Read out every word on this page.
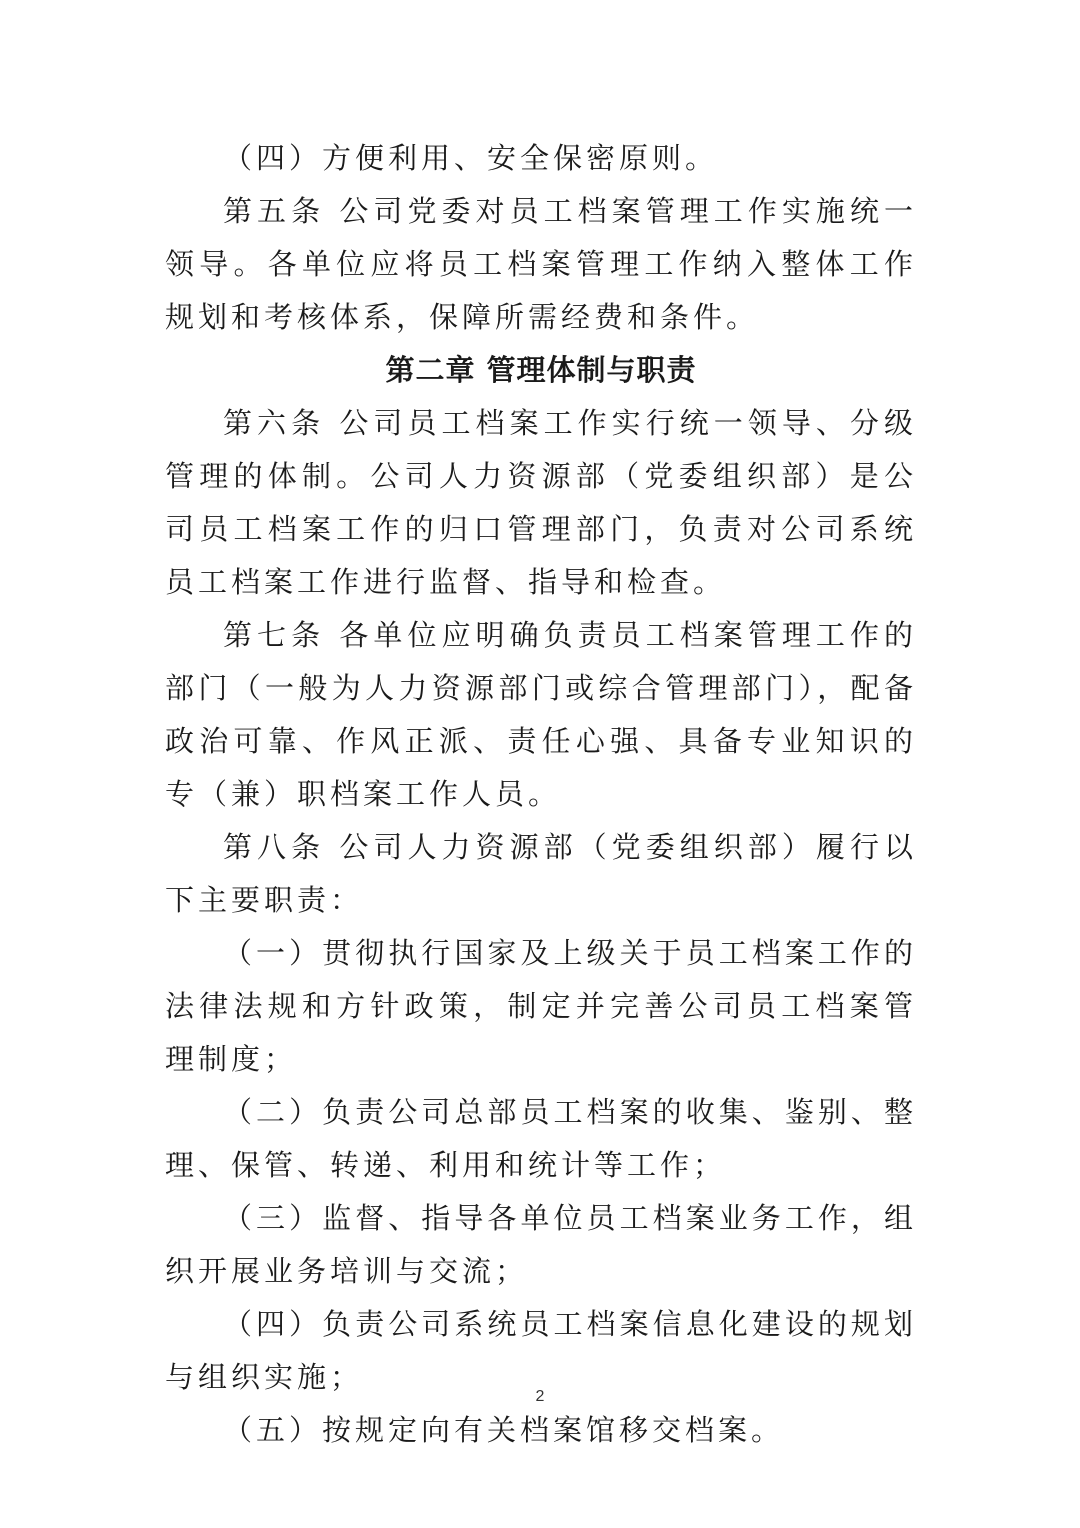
（四）方便利用、安全保密原则。

第五条 公司党委对员工档案管理工作实施统一领导。各单位应将员工档案管理工作纳入整体工作规划和考核体系，保障所需经费和条件。

第二章 管理体制与职责

第六条 公司员工档案工作实行统一领导、分级管理的体制。公司人力资源部（党委组织部）是公司员工档案工作的归口管理部门，负责对公司系统员工档案工作进行监督、指导和检查。

第七条 各单位应明确负责员工档案管理工作的部门（一般为人力资源部门或综合管理部门），配备政治可靠、作风正派、责任心强、具备专业知识的专（兼）职档案工作人员。

第八条 公司人力资源部（党委组织部）履行以下主要职责：

（一）贯彻执行国家及上级关于员工档案工作的法律法规和方针政策，制定并完善公司员工档案管理制度；

（二）负责公司总部员工档案的收集、鉴别、整理、保管、转递、利用和统计等工作；

（三）监督、指导各单位员工档案业务工作，组织开展业务培训与交流；

（四）负责公司系统员工档案信息化建设的规划与组织实施；

（五）按规定向有关档案馆移交档案。

2
